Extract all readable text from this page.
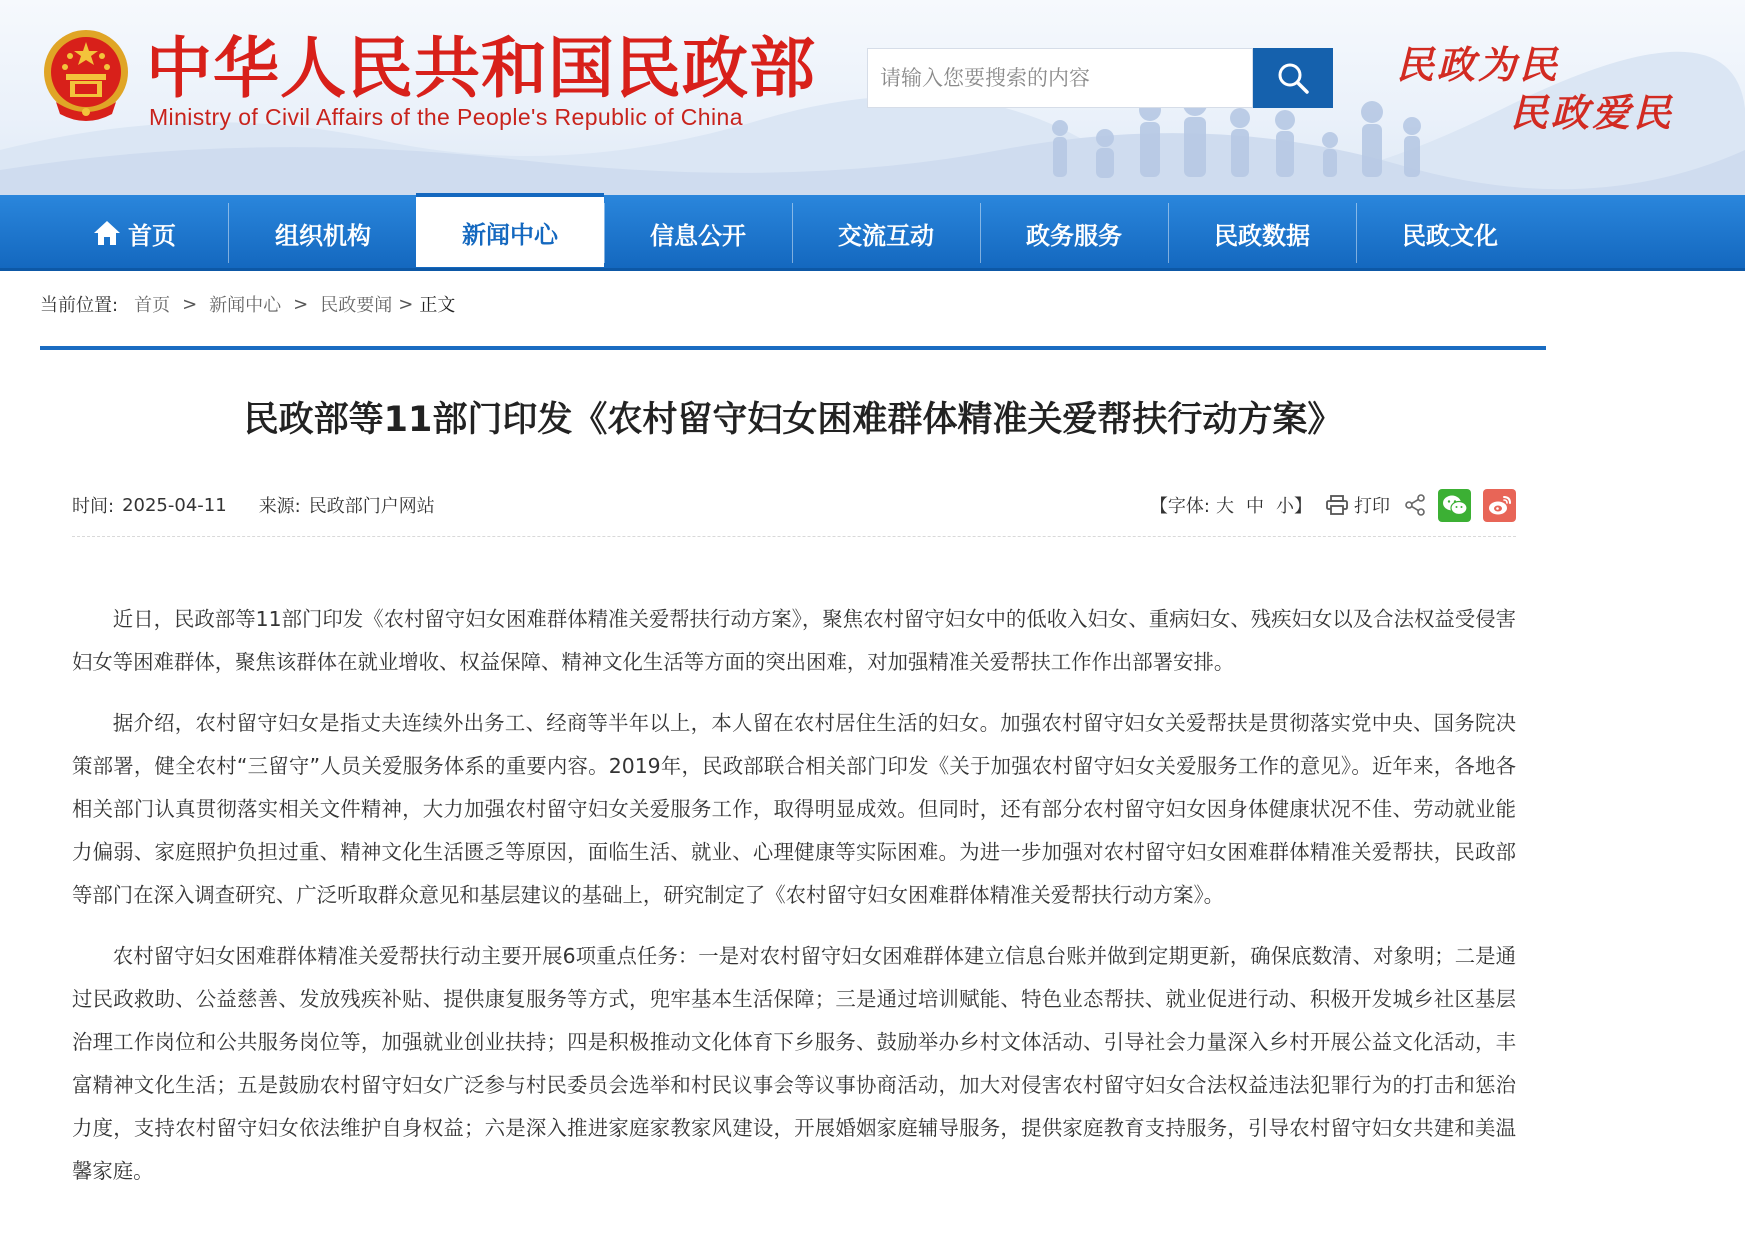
中华人民共和国民政部
Ministry of Civil Affairs of the People's Republic of China
请输入您要搜索的内容
民政为民
民政爱民
首页	组织机构	新闻中心	信息公开	交流互动	政务服务	民政数据	民政文化
当前位置: 首页 > 新闻中心 > 民政要闻 > 正文
民政部等11部门印发《农村留守妇女困难群体精准关爱帮扶行动方案》
时间: 2025-04-11 来源: 民政部门户网站	【字体: 大 中 小】 打印

近日，民政部等11部门印发《农村留守妇女困难群体精准关爱帮扶行动方案》，聚焦农村留守妇女中的低收入妇女、重病妇女、残疾妇女以及合法权益受侵害妇女等困难群体，聚焦该群体在就业增收、权益保障、精神文化生活等方面的突出困难，对加强精准关爱帮扶工作作出部署安排。

据介绍，农村留守妇女是指丈夫连续外出务工、经商等半年以上，本人留在农村居住生活的妇女。加强农村留守妇女关爱帮扶是贯彻落实党中央、国务院决策部署，健全农村“三留守”人员关爱服务体系的重要内容。2019年，民政部联合相关部门印发《关于加强农村留守妇女关爱服务工作的意见》。近年来，各地各相关部门认真贯彻落实相关文件精神，大力加强农村留守妇女关爱服务工作，取得明显成效。但同时，还有部分农村留守妇女因身体健康状况不佳、劳动就业能力偏弱、家庭照护负担过重、精神文化生活匮乏等原因，面临生活、就业、心理健康等实际困难。为进一步加强对农村留守妇女困难群体精准关爱帮扶，民政部等部门在深入调查研究、广泛听取群众意见和基层建议的基础上，研究制定了《农村留守妇女困难群体精准关爱帮扶行动方案》。

农村留守妇女困难群体精准关爱帮扶行动主要开展6项重点任务：一是对农村留守妇女困难群体建立信息台账并做到定期更新，确保底数清、对象明；二是通过民政救助、公益慈善、发放残疾补贴、提供康复服务等方式，兜牢基本生活保障；三是通过培训赋能、特色业态帮扶、就业促进行动、积极开发城乡社区基层治理工作岗位和公共服务岗位等，加强就业创业扶持；四是积极推动文化体育下乡服务、鼓励举办乡村文体活动、引导社会力量深入乡村开展公益文化活动，丰富精神文化生活；五是鼓励农村留守妇女广泛参与村民委员会选举和村民议事会等议事协商活动，加大对侵害农村留守妇女合法权益违法犯罪行为的打击和惩治力度，支持农村留守妇女依法维护自身权益；六是深入推进家庭家教家风建设，开展婚姻家庭辅导服务，提供家庭教育支持服务，引导农村留守妇女共建和美温馨家庭。
